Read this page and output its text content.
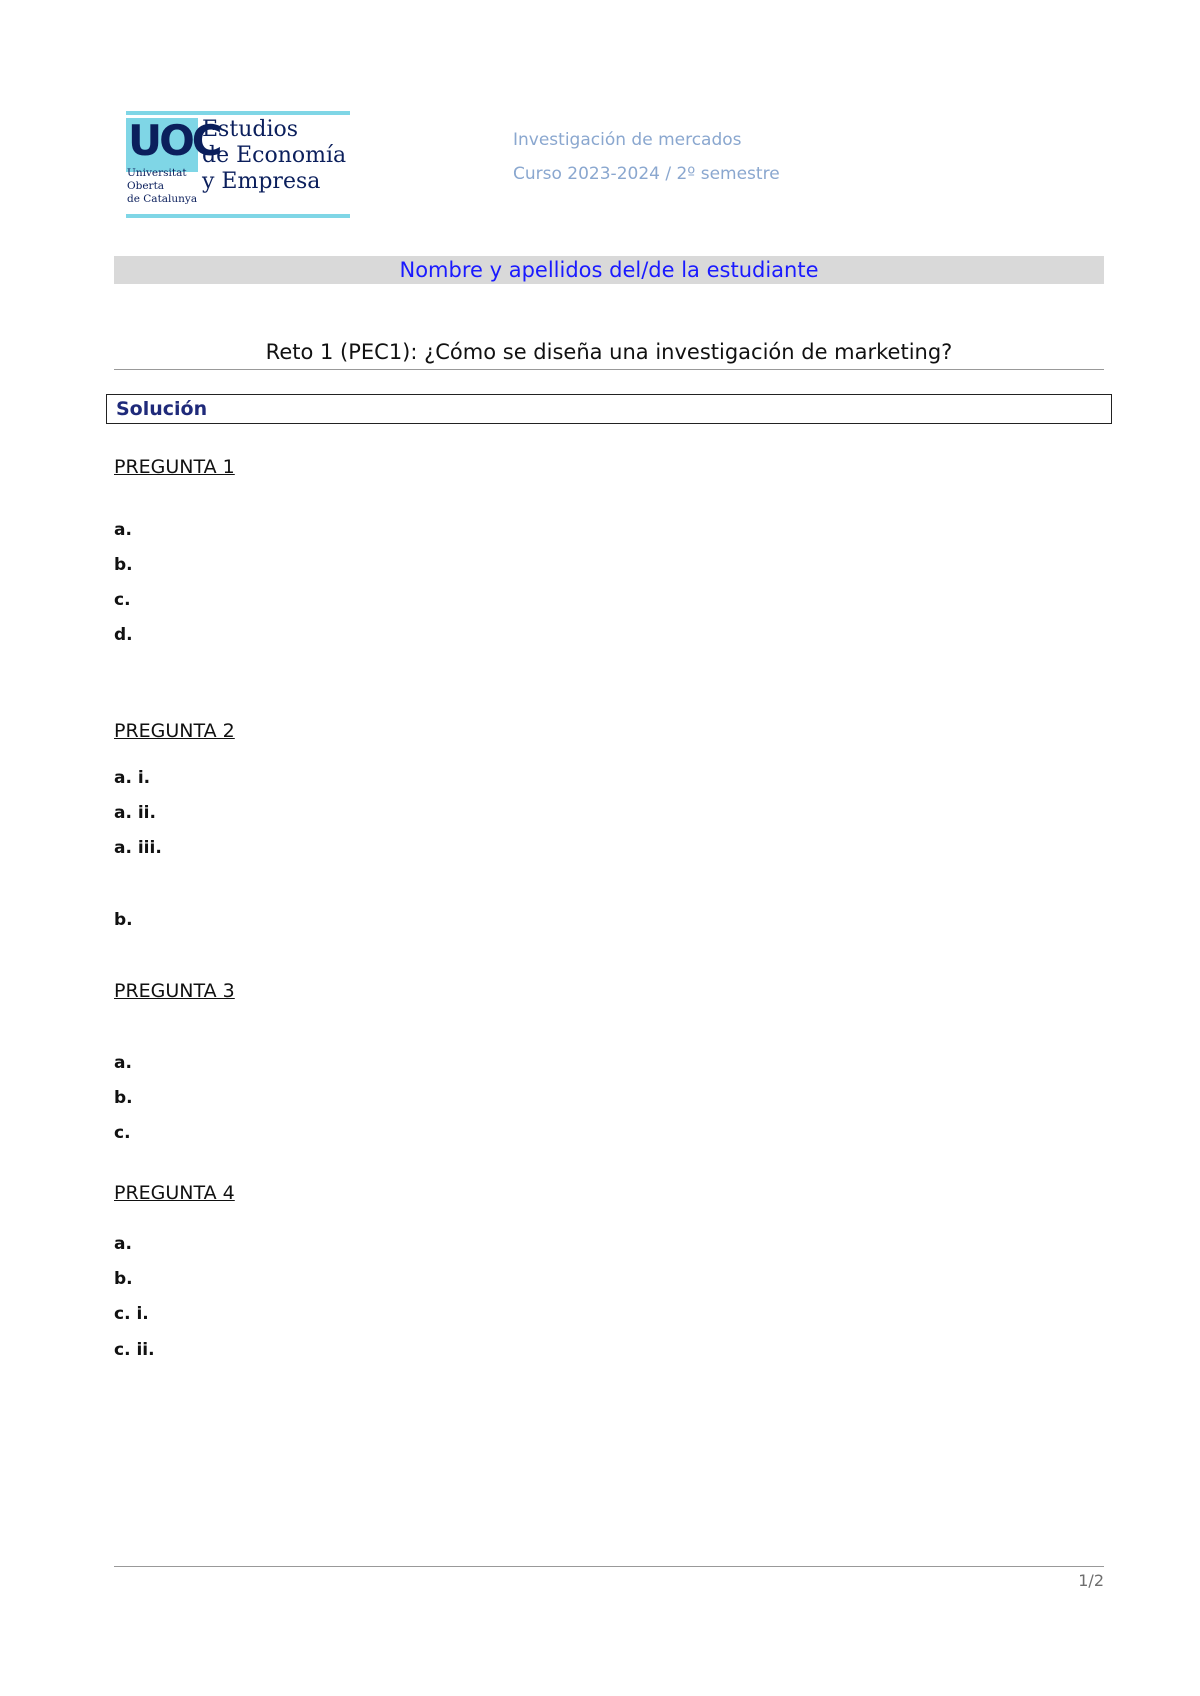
UOC
Universitat
Oberta
de Catalunya
Estudios
de Economía
y Empresa
Investigación de mercados
Curso 2023-2024 / 2º semestre
Nombre y apellidos del/de la estudiante
Reto 1 (PEC1): ¿Cómo se diseña una investigación de marketing?
Solución
PREGUNTA 1
a.
b.
c.
d.
PREGUNTA 2
a. i.
a. ii.
a. iii.
b.
PREGUNTA 3
a.
b.
c.
PREGUNTA 4
a.
b.
c. i.
c. ii.
1/2
